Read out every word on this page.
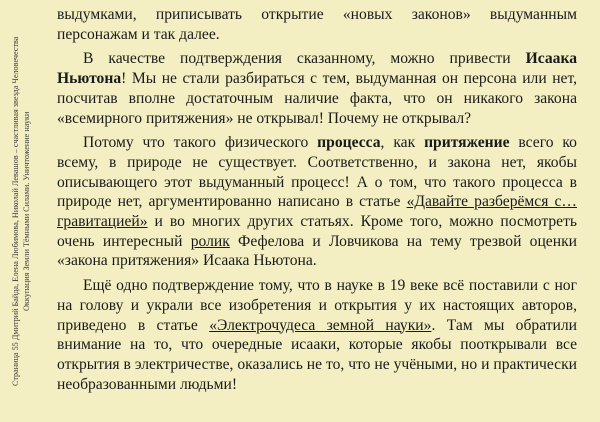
Страница 55 Дмитрий Байда, Елена Любимова, Николай Левашов – счастливая звезда Человечества Оккупация Земли Тёмными Силами. Уничтожение науки

выдумками, приписывать открытие «новых законов» выдуманным персонажам и так далее.

В качестве подтверждения сказанному, можно привести Исаака Ньютона! Мы не стали разбираться с тем, выдуманная он персона или нет, посчитав вполне достаточным наличие факта, что он никакого закона «всемирного притяжения» не открывал! Почему не открывал?

Потому что такого физического процесса, как притяжение всего ко всему, в природе не существует. Соответственно, и закона нет, якобы описывающего этот выдуманный процесс! А о том, что такого процесса в природе нет, аргументированно написано в статье «Давайте разберёмся с… гравитацией» и во многих других статьях. Кроме того, можно посмотреть очень интересный ролик Фефелова и Ловчикова на тему трезвой оценки «закона притяжения» Исаака Ньютона.

Ещё одно подтверждение тому, что в науке в 19 веке всё поставили с ног на голову и украли все изобретения и открытия у их настоящих авторов, приведено в статье «Электрочудеса земной науки». Там мы обратили внимание на то, что очередные исааки, которые якобы пооткрывали все открытия в электричестве, оказались не то, что не учёными, но и практически необразованными людьми!
